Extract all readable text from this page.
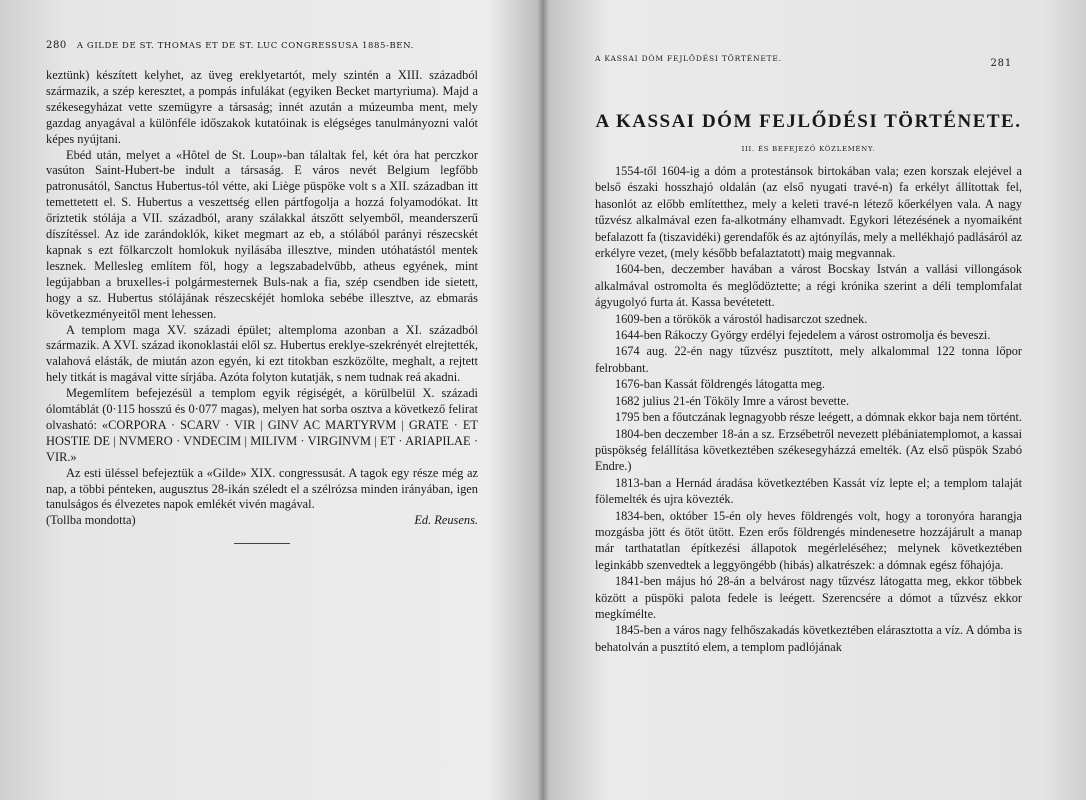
280 A GILDE DE ST. THOMAS ET DE ST. LUC CONGRESSUSA 1885-BEN.

keztünk) készített kelyhet, az üveg ereklyetartót, mely szintén a XIII. századból származik, a szép keresztet, a pompás infulákat (egyiken Becket martyriuma). Majd a székesegyházat vette szemügyre a társaság; innét azután a múzeumba ment, mely gazdag anyagával a különféle időszakok kutatóinak is elégséges tanulmányozni valót képes nyújtani.

Ebéd után, melyet a «Hôtel de St. Loup»-ban tálaltak fel, két óra hat perczkor vasúton Saint-Hubert-be indult a társaság. E város nevét Belgium legfőbb patronusától, Sanctus Hubertus-tól vétte, aki Liège püspöke volt s a XII. században itt temettetett el. S. Hubertus a veszettség ellen pártfogolja a hozzá folyamodókat. Itt őriztetik stólája a VII. századból, arany szálakkal átszőtt selyemből, meanderszerű díszítéssel. Az ide zarándoklók, kiket megmart az eb, a stólából parányi részecskét kapnak s ezt fölkarczolt homlokuk nyilásába illesztve, minden utóhatástól mentek lesznek. Mellesleg említem föl, hogy a legszabadelvűbb, atheus egyének, mint legújabban a bruxelles-i polgármesternek Buls-nak a fia, szép csendben ide sietett, hogy a sz. Hubertus stólájának részecskéjét homloka sebébe illesztve, az ebmarás következményeitől ment lehessen.

A templom maga XV. századi épület; altemploma azonban a XI. századból származik. A XVI. század ikonoklastái elől sz. Hubertus ereklye-szekrényét elrejtették, valahová elásták, de miután azon egyén, ki ezt titokban eszközölte, meghalt, a rejtett hely titkát is magával vitte sírjába. Azóta folyton kutatják, s nem tudnak reá akadni.

Megemlítem befejezésül a templom egyik régiségét, a körülbelül X. századi ólomtáblát (0·115 hosszú és 0·077 magas), melyen hat sorba osztva a következő felirat olvasható: «CORPORA · SCARV · VIR | GINV AC MARTYRVM | GRATE · ET HOSTIE DE | NVMERO · VNDECIM | MILIVM · VIRGINVM | ET · ARIAPILAE · VIR.»

Az esti üléssel befejeztük a «Gilde» XIX. congressusát. A tagok egy része még az nap, a többi pénteken, augusztus 28-ikán széledt el a szélrózsa minden irányában, igen tanulságos és élvezetes napok emlékét vivén magával.

(Tollba mondotta)	Ed. Reusens.
A KASSAI DÓM FEJLŐDÉSI TÖRTÉNETE.	281
A KASSAI DÓM FEJLŐDÉSI TÖRTÉNETE.
III. ÉS BEFEJEZŐ KÖZLEMÉNY.

1554-től 1604-ig a dóm a protestánsok birtokában vala; ezen korszak elejével a belső északi hosszhajó oldalán (az első nyugati travé-n) fa erkélyt állítottak fel, hasonlót az előbb említetthez, mely a keleti travé-n létező kőerkélyen vala. A nagy tűzvész alkalmával ezen fa-alkotmány elhamvadt. Egykori létezésének a nyomaiként befalazott fa (tiszavidéki) gerendafők és az ajtónyílás, mely a mellékhajó padlásáról az erkélyre vezet, (mely később befalaztatott) maig megvannak.

1604-ben, deczember havában a várost Bocskay István a vallási villongások alkalmával ostromolta és meglődöztette; a régi krónika szerint a déli templomfalat ágyugolyó furta át. Kassa bevétetett.

1609-ben a törökök a várostól hadisarczot szednek.

1644-ben Rákoczy György erdélyi fejedelem a várost ostromolja és beveszi.

1674 aug. 22-én nagy tűzvész pusztított, mely alkalommal 122 tonna lőpor felrobbant.

1676-ban Kassát földrengés látogatta meg.

1682 julius 21-én Tököly Imre a várost bevette.

1795 ben a főutczának legnagyobb része leégett, a dómnak ekkor baja nem történt.

1804-ben deczember 18-án a sz. Erzsébetről nevezett plébániatemplomot, a kassai püspökség felállítása következtében székesegyházzá emelték. (Az első püspök Szabó Endre.)

1813-ban a Hernád áradása következtében Kassát víz lepte el; a templom talaját fölemelték és ujra kövezték.

1834-ben, október 15-én oly heves földrengés volt, hogy a toronyóra harangja mozgásba jött és ötöt ütött. Ezen erős földrengés mindenesetre hozzájárult a manap már tarthatatlan építkezési állapotok megérleléséhez; melynek következtében leginkább szenvedtek a leggyöngébb (hibás) alkatrészek: a dómnak egész főhajója.

1841-ben május hó 28-án a belvárost nagy tűzvész látogatta meg, ekkor többek között a püspöki palota fedele is leégett. Szerencsére a dómot a tűzvész ekkor megkímélte.

1845-ben a város nagy felhőszakadás következtében elárasztotta a víz. A dómba is behatolván a pusztító elem, a templom padlójának
